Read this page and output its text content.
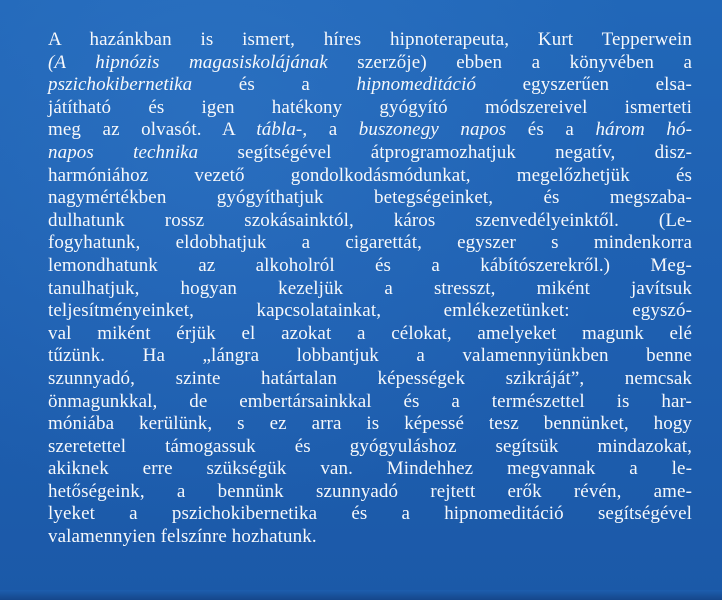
A hazánkban is ismert, híres hipnoterapeuta, Kurt Tepperwein
(A hipnózis magasiskolájának szerzője) ebben a könyvében a
pszichokibernetika és a hipnomeditáció egyszerűen elsa-
játítható és igen hatékony gyógyító módszereivel ismerteti
meg az olvasót. A tábla-, a buszonegy napos és a három hó-
napos technika segítségével átprogramozhatjuk negatív, disz-
harmóniához vezető gondolkodásmódunkat, megelőzhetjük és
nagymértékben gyógyíthatjuk betegségeinket, és megszaba-
dulhatunk rossz szokásainktól, káros szenvedélyeinktől. (Le-
fogyhatunk, eldobhatjuk a cigarettát, egyszer s mindenkorra
lemondhatunk az alkoholról és a kábítószerekről.) Meg-
tanulhatjuk, hogyan kezeljük a stresszt, miként javítsuk
teljesítményeinket, kapcsolatainkat, emlékezetünket: egyszó-
val miként érjük el azokat a célokat, amelyeket magunk elé
tűzünk. Ha „lángra lobbantjuk a valamennyiünkben benne
szunnyadó, szinte határtalan képességek szikráját”, nemcsak
önmagunkkal, de embertársainkkal és a természettel is har-
móniába kerülünk, s ez arra is képessé tesz bennünket, hogy
szeretettel támogassuk és gyógyuláshoz segítsük mindazokat,
akiknek erre szükségük van. Mindehhez megvannak a le-
hetőségeink, a bennünk szunnyadó rejtett erők révén, ame-
lyeket a pszichokibernetika és a hipnomeditáció segítségével
valamennyien felszínre hozhatunk.
